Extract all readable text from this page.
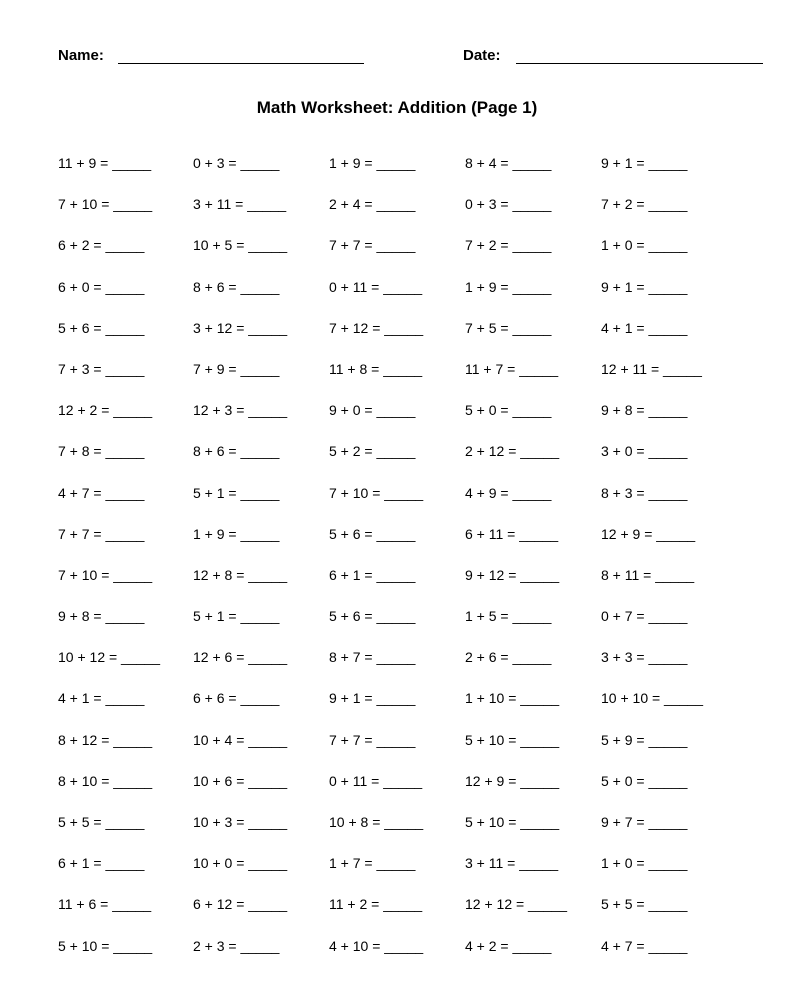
Name:	Date:
Math Worksheet: Addition (Page 1)
11 + 9 = _____	0 + 3 = _____	1 + 9 = _____	8 + 4 = _____	9 + 1 = _____
7 + 10 = _____	3 + 11 = _____	2 + 4 = _____	0 + 3 = _____	7 + 2 = _____
6 + 2 = _____	10 + 5 = _____	7 + 7 = _____	7 + 2 = _____	1 + 0 = _____
6 + 0 = _____	8 + 6 = _____	0 + 11 = _____	1 + 9 = _____	9 + 1 = _____
5 + 6 = _____	3 + 12 = _____	7 + 12 = _____	7 + 5 = _____	4 + 1 = _____
7 + 3 = _____	7 + 9 = _____	11 + 8 = _____	11 + 7 = _____	12 + 11 = _____
12 + 2 = _____	12 + 3 = _____	9 + 0 = _____	5 + 0 = _____	9 + 8 = _____
7 + 8 = _____	8 + 6 = _____	5 + 2 = _____	2 + 12 = _____	3 + 0 = _____
4 + 7 = _____	5 + 1 = _____	7 + 10 = _____	4 + 9 = _____	8 + 3 = _____
7 + 7 = _____	1 + 9 = _____	5 + 6 = _____	6 + 11 = _____	12 + 9 = _____
7 + 10 = _____	12 + 8 = _____	6 + 1 = _____	9 + 12 = _____	8 + 11 = _____
9 + 8 = _____	5 + 1 = _____	5 + 6 = _____	1 + 5 = _____	0 + 7 = _____
10 + 12 = _____ 12 + 6 = _____	8 + 7 = _____	2 + 6 = _____	3 + 3 = _____
4 + 1 = _____	6 + 6 = _____	9 + 1 = _____	1 + 10 = _____	10 + 10 = _____
8 + 12 = _____	10 + 4 = _____	7 + 7 = _____	5 + 10 = _____	5 + 9 = _____
8 + 10 = _____	10 + 6 = _____	0 + 11 = _____	12 + 9 = _____	5 + 0 = _____
5 + 5 = _____	10 + 3 = _____	10 + 8 = _____	5 + 10 = _____	9 + 7 = _____
6 + 1 = _____	10 + 0 = _____	1 + 7 = _____	3 + 11 = _____	1 + 0 = _____
11 + 6 = _____	6 + 12 = _____	11 + 2 = _____	12 + 12 = _____ 5 + 5 = _____
5 + 10 = _____	2 + 3 = _____	4 + 10 = _____	4 + 2 = _____	4 + 7 = _____
